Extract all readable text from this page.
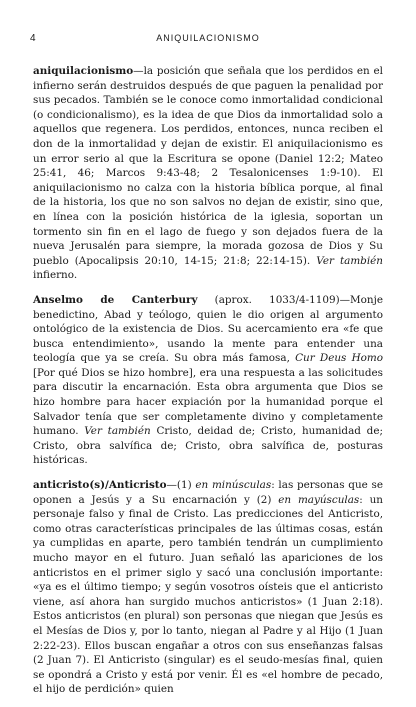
4	ANIQUILACIONISMO

aniquilacionismo—la posición que señala que los perdidos en el infierno serán destruidos después de que paguen la penalidad por sus pecados. También se le conoce como inmortalidad condicional (o condicionalismo), es la idea de que Dios da inmortalidad solo a aquellos que regenera. Los perdidos, entonces, nunca reciben el don de la inmortalidad y dejan de existir. El aniquilacionismo es un error serio al que la Escritura se opone (Daniel 12:2; Mateo 25:41, 46; Marcos 9:43-48; 2 Tesalonicenses 1:9-10). El aniquilacionismo no calza con la historia bíblica porque, al final de la historia, los que no son salvos no dejan de existir, sino que, en línea con la posición histórica de la iglesia, soportan un tormento sin fin en el lago de fuego y son dejados fuera de la nueva Jerusalén para siempre, la morada gozosa de Dios y Su pueblo (Apocalipsis 20:10, 14-15; 21:8; 22:14-15). Ver también infierno.

Anselmo de Canterbury (aprox. 1033/4-1109)—Monje benedictino, Abad y teólogo, quien le dio origen al argumento ontológico de la existencia de Dios. Su acercamiento era «fe que busca entendimiento», usando la mente para entender una teología que ya se creía. Su obra más famosa, Cur Deus Homo [Por qué Dios se hizo hombre], era una respuesta a las solicitudes para discutir la encarnación. Esta obra argumenta que Dios se hizo hombre para hacer expiación por la humanidad porque el Salvador tenía que ser completamente divino y completamente humano. Ver también Cristo, deidad de; Cristo, humanidad de; Cristo, obra salvífica de; Cristo, obra salvífica de, posturas históricas.

anticristo(s)/Anticristo—(1) en minúsculas: las personas que se oponen a Jesús y a Su encarnación y (2) en mayúsculas: un personaje falso y final de Cristo. Las predicciones del Anticristo, como otras características principales de las últimas cosas, están ya cumplidas en aparte, pero también tendrán un cumplimiento mucho mayor en el futuro. Juan señaló las apariciones de los anticristos en el primer siglo y sacó una conclusión importante: «ya es el último tiempo; y según vosotros oísteis que el anticristo viene, así ahora han surgido muchos anticristos» (1 Juan 2:18). Estos anticristos (en plural) son personas que niegan que Jesús es el Mesías de Dios y, por lo tanto, niegan al Padre y al Hijo (1 Juan 2:22-23). Ellos buscan engañar a otros con sus enseñanzas falsas (2 Juan 7). El Anticristo (singular) es el seudo-mesías final, quien se opondrá a Cristo y está por venir. Él es «el hombre de pecado, el hijo de perdición» quien
